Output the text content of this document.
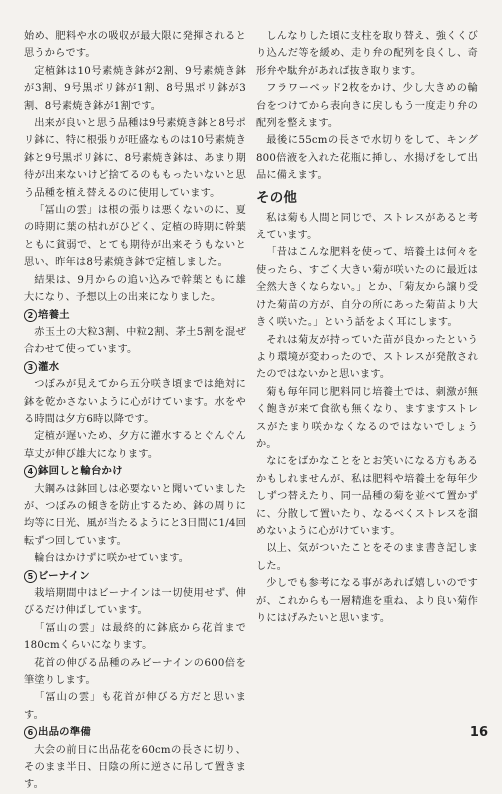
始め、肥料や水の吸収が最大限に発揮されると思うからです。

定植鉢は10号素焼き鉢が2割、9号素焼き鉢が3割、9号黒ポリ鉢が1割、8号黒ポリ鉢が3割、8号素焼き鉢が1割です。

出来が良いと思う品種は9号素焼き鉢と8号ポリ鉢に、特に根張りが旺盛なものは10号素焼き鉢と9号黒ポリ鉢に、8号素焼き鉢は、あまり期待が出来ないけど捨てるのももったいないと思う品種を植え替えるのに使用しています。

「冨山の雲」は根の張りは悪くないのに、夏の時期に葉の枯れがひどく、定植の時期に幹葉ともに貧弱で、とても期待が出来そうもないと思い、昨年は8号素焼き鉢で定植しました。

結果は、9月からの追い込みで幹葉ともに雄大になり、予想以上の出来になりました。

2 培養土

赤玉土の大粒3割、中粒2割、茅土5割を混ぜ合わせて使っています。

3 灌水

つぼみが見えてから五分咲き頃までは絶対に鉢を乾かさないように心がけています。水をやる時間は夕方6時以降です。

定植が遅いため、夕方に灌水するとぐんぐん草丈が伸び雄大になります。

4 鉢回しと輪台かけ

大鋼みは鉢回しは必要ないと聞いていましたが、つぼみの傾きを防止するため、鉢の周りに均等に日光、風が当たるようにと3日間に1/4回転ずつ回しています。

輪台はかけずに咲かせています。

5 ビーナイン

栽培期間中はビーナインは一切使用せず、伸びるだけ伸ばしています。

「冨山の雲」は最終的に鉢底から花首まで180cmくらいになります。

花首の伸びる品種のみビーナインの600倍を筆塗りします。

「冨山の雲」も花首が伸びる方だと思います。

6 出品の準備

大会の前日に出品花を60cmの長さに切り、そのまま半日、日陰の所に逆さに吊して置きます。

しんなりした頃に支柱を取り替え、強くくびり込んだ等を緩め、走り弁の配列を良くし、奇形弁や駄弁があれば抜き取ります。

フラワーベッド2枚をかけ、少し大きめの輪台をつけてから表向きに戻しもう一度走り弁の配列を整えます。

最後に55cmの長さで水切りをして、キング800倍液を入れた花瓶に挿し、水揚げをして出品に備えます。

その他

私は菊も人間と同じで、ストレスがあると考えています。

「昔はこんな肥料を使って、培養土は何々を使ったら、すごく大きい菊が咲いたのに最近は全然大きくならない。」とか、「菊友から譲り受けた菊苗の方が、自分の所にあった菊苗より大きく咲いた。」という話をよく耳にします。

それは菊友が持っていた苗が良かったというより環境が変わったので、ストレスが発散されたのではないかと思います。

菊も毎年同じ肥料同じ培養土では、刺激が無く飽きが来て食欲も無くなり、ますますストレスがたまり咲かなくなるのではないでしょうか。

なにをばかなことをとお笑いになる方もあるかもしれませんが、私は肥料や培養土を毎年少しずつ替えたり、同一品種の菊を並べて置かずに、分散して置いたり、なるべくストレスを溜めないように心がけています。

以上、気がついたことをそのまま書き記しました。

少しでも参考になる事があれば嬉しいのですが、これからも一層精進を重ね、より良い菊作りにはげみたいと思います。

16
